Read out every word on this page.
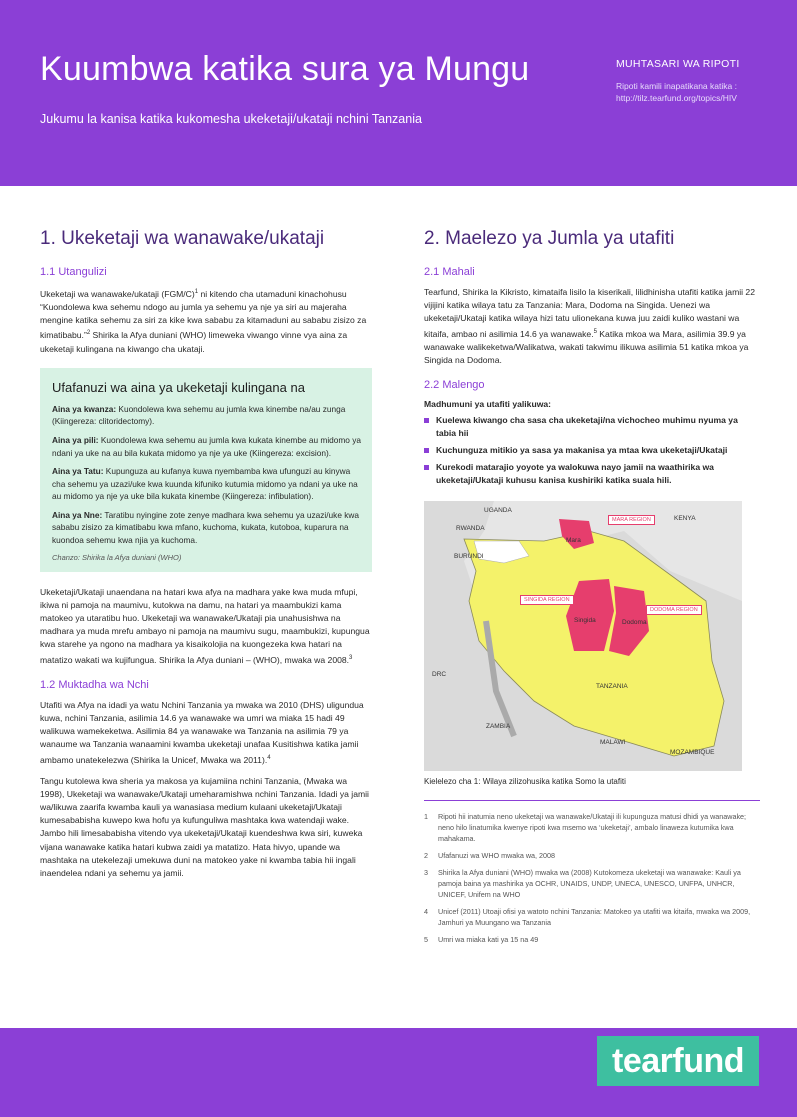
Kuumbwa katika sura ya Mungu
Jukumu la kanisa katika kukomesha ukeketaji/ukataji nchini Tanzania
MUHTASARI WA RIPOTI
Ripoti kamili inapatikana katika : http://tilz.tearfund.org/topics/HIV
1. Ukeketaji wa wanawake/ukataji
1.1 Utangulizi

Ukeketaji wa wanawake/ukataji $(FGM/C)^1$ ni kitendo cha utamaduni kinachohusu “Kuondolewa kwa sehemu ndogo au jumla ya sehemu ya nje ya siri au majeraha mengine katika sehemu za siri za kike kwa sababu za kitamaduni au sababu zisizo za kimatibabu.”$^2$ Shirika la Afya duniani (WHO) limeweka viwango vinne vya aina za ukeketaji kulingana na kiwango cha ukataji.

Ufafanuzi wa aina ya ukeketaji kulingana na

Aina ya kwanza: Kuondolewa kwa sehemu au jumla kwa kinembe na/au zunga (Kiingereza: clitoridectomy).

Aina ya pili: Kuondolewa kwa sehemu au jumla kwa kukata kinembe au midomo ya ndani ya uke na au bila kukata midomo ya nje ya uke (Kiingereza: excision).

Aina ya Tatu: Kupunguza au kufanya kuwa nyembamba kwa ufunguzi au kinywa cha sehemu ya uzazi/uke kwa kuunda kifuniko kutumia midomo ya ndani ya uke na au midomo ya nje ya uke bila kukata kinembe (Kiingereza: infibulation).

Aina ya Nne: Taratibu nyingine zote zenye madhara kwa sehemu ya uzazi/uke kwa sababu zisizo za kimatibabu kwa mfano, kuchoma, kukata, kutoboa, kuparura na kuondoa sehemu kwa njia ya kuchoma.

Chanzo: Shirika la Afya duniani (WHO)

Ukeketaji/Ukataji unaendana na hatari kwa afya na madhara yake kwa muda mfupi, ikiwa ni pamoja na maumivu, kutokwa na damu, na hatari ya maambukizi kama matokeo ya utaratibu huo. Ukeketaji wa wanawake/Ukataji pia unahusishwa na madhara ya muda mrefu ambayo ni pamoja na maumivu sugu, maambukizi, kupungua kwa starehe ya ngono na madhara ya kisaikolojia na kuongezeka kwa hatari na matatizo wakati wa kujifungua. Shirika la Afya duniani – (WHO), mwaka wa 2008.$^3$

1.2 Muktadha wa Nchi

Utafiti wa Afya na idadi ya watu Nchini Tanzania ya mwaka wa 2010 (DHS) uligundua kuwa, nchini Tanzania, asilimia 14.6 ya wanawake wa umri wa miaka 15 hadi 49 walikuwa wamekeketwa. Asilimia 84 ya wanawake wa Tanzania na asilimia 79 ya wanaume wa Tanzania wanaamini kwamba ukeketaji unafaa Kusitishwa katika jamii ambamo unatekelezwa (Shirika la Unicef, Mwaka wa 2011).$^4$

Tangu kutolewa kwa sheria ya makosa ya kujamiina nchini Tanzania, (Mwaka wa 1998), Ukeketaji wa wanawake/Ukataji umeharamishwa nchini Tanzania. Idadi ya jamii wa/likuwa zaarifa kwamba kauli ya wanasiasa medium kulaani ukeketaji/Ukataji kumesababisha kuwepo kwa hofu ya kufunguliwa mashtaka kwa watendaji wake. Jambo hili limesababisha vitendo vya ukeketaji/Ukataji kuendeshwa kwa siri, kuweka vijana wanawake katika hatari kubwa zaidi ya matatizo. Hata hivyo, upande wa mashtaka na utekelezaji umekuwa duni na matokeo yake ni kwamba tabia hii ingali inaendelea ndani ya sehemu ya jamii.

2. Maelezo ya Jumla ya utafiti
2.1 Mahali

Tearfund, Shirika la Kikristo, kimataifa lisilo la kiserikali, lilidhinisha utafiti katika jamii 22 vijijini katika wilaya tatu za Tanzania: Mara, Dodoma na Singida. Uenezi wa ukeketaji/Ukataji katika wilaya hizi tatu ulionekana kuwa juu zaidi kuliko wastani wa kitaifa, ambao ni asilimia 14.6 ya wanawake.$^5$ Katika mkoa wa Mara, asilimia 39.9 ya wanawake walikeketwa/Walikatwa, wakati takwimu ilikuwa asilimia 51 katika mkoa ya Singida na Dodoma.

2.2 Malengo
Madhumuni ya utafiti yalikuwa:
Kuelewa kiwango cha sasa cha ukeketaji/na vichocheo muhimu nyuma ya tabia hii
Kuchunguza mitikio ya sasa ya makanisa ya mtaa kwa ukeketaji/Ukataji
Kurekodi matarajio yoyote ya walokuwa nayo jamii na waathirika wa ukeketaji/Ukataji kuhusu kanisa kushiriki katika suala hili.
RWANDA
BURUNDI
KENYA
UGANDA
DRC
ZAMBIA
MALAWI
MOZAMBIQUE
TANZANIA
Dodoma
Singida
Mara
MARA REGION
SINGIDA REGION
DODOMA REGION
Kielelezo cha 1: Wilaya zilizohusika katika Somo la utafiti
1	Ripoti hii inatumia neno ukeketaji wa wanawake/Ukataji ili kupunguza matusi dhidi ya wanawake; neno hilo linatumika kwenye ripoti kwa msemo wa ‘ukeketaji’, ambalo linaweza kutumika kwa mahakama.
2	Ufafanuzi wa WHO mwaka wa, 2008
3	Shirika la Afya duniani (WHO) mwaka wa (2008) Kutokomeza ukeketaji wa wanawake: Kauli ya pamoja baina ya mashirika ya OCHR, UNAIDS, UNDP, UNECA, UNESCO, UNFPA, UNHCR, UNICEF, Unifem na WHO
4	Unicef (2011) Utoaji ofisi ya watoto nchini Tanzania: Matokeo ya utafiti wa kitaifa, mwaka wa 2009, Jamhuri ya Muungano wa Tanzania
5	Umri wa miaka kati ya 15 na 49
tearfund
